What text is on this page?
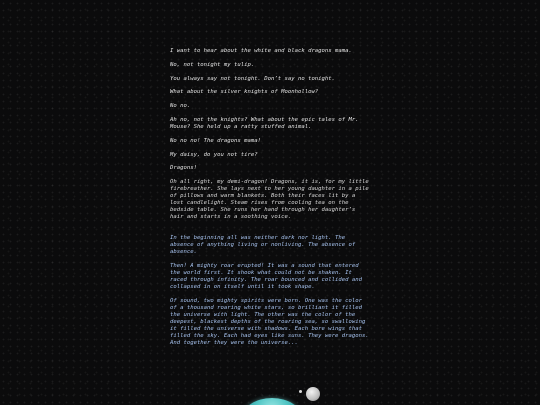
I want to hear about the white and black dragons mama.

No, not tonight my tulip.

You always say not tonight. Don’t say no tonight.

What about the silver knights of Moonhollow?

No no.

Ah no, not the knights? What about the epic tales of Mr. Mouse? She held up a ratty stuffed animal.

No no no! The dragons mama!

My daisy, do you not tire?

Dragons!

Oh all right, my demi-dragon! Dragons, it is, for my little firebreather. She lays next to her young daughter in a pile of pillows and warm blankets. Both their faces lit by a lost candlelight. Steam rises from cooling tea on the bedside table. She runs her hand through her daughter’s hair and starts in a soothing voice.

In the beginning all was neither dark nor light. The absence of anything living or nonliving. The absence of absence.

Then! A mighty roar erupted! It was a sound that entered the world first. It shook what could not be shaken. It raced through infinity. The roar bounced and collided and collapsed in on itself until it took shape.

Of sound, two mighty spirits were born. One was the color of a thousand roaring white stars, so brilliant it filled the universe with light. The other was the color of the deepest, blackest depths of the roaring sea, so swallowing it filled the universe with shadows. Each bore wings that filled the sky. Each had eyes like suns. They were dragons. And together they were the universe...
